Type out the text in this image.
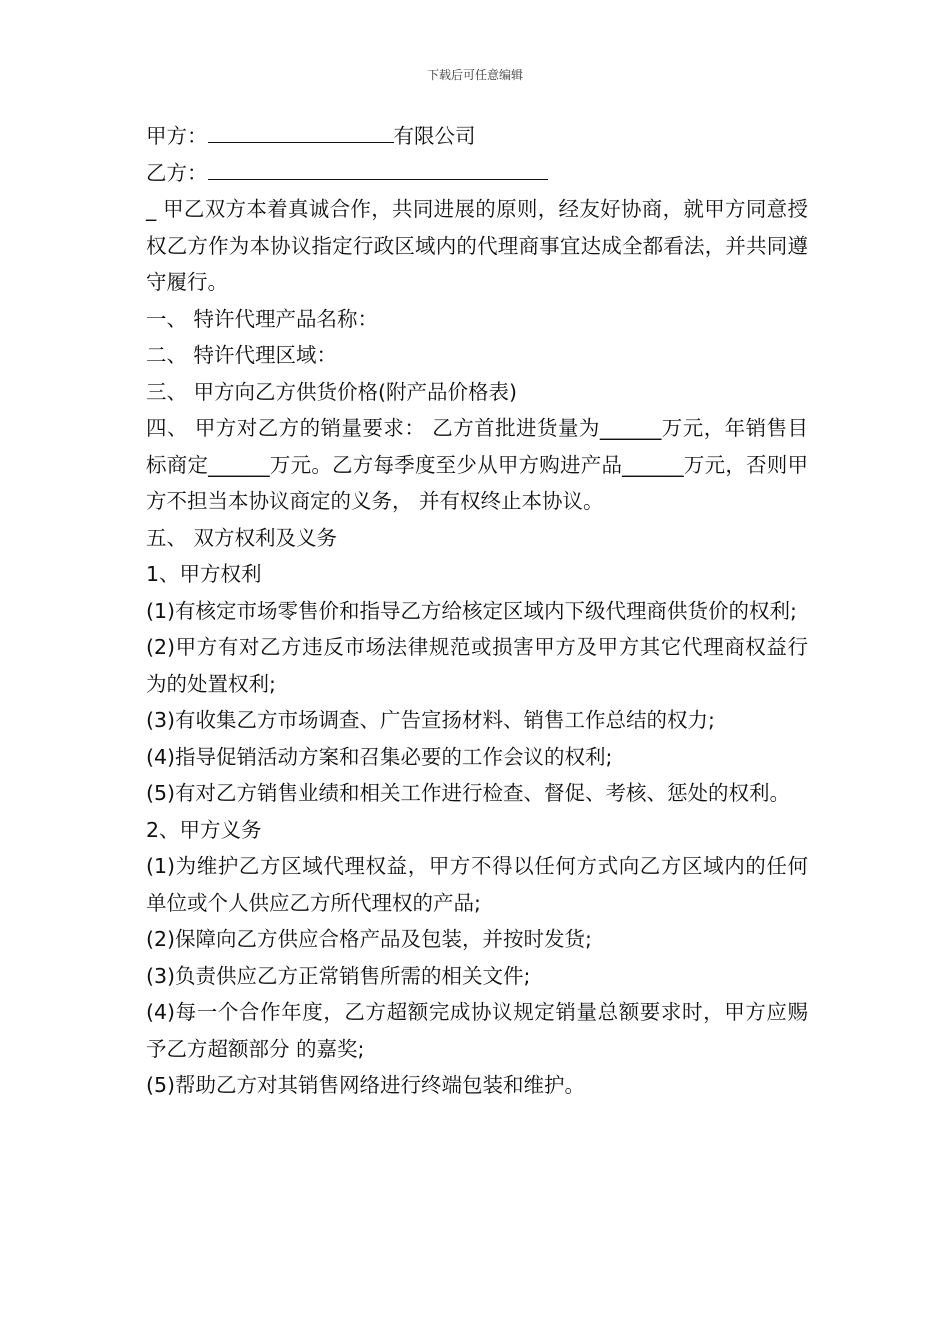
下载后可任意编辑
甲方：	有限公司
乙方：
_ 甲乙双方本着真诚合作，共同进展的原则，经友好协商，就甲方同意授权乙方作为本协议指定行政区域内的代理商事宜达成全都看法，并共同遵守履行。
一、 特许代理产品名称：
二、 特许代理区域：
三、 甲方向乙方供货价格(附产品价格表)
四、 甲方对乙方的销量要求： 乙方首批进货量为______万元，年销售目标商定______万元。乙方每季度至少从甲方购进产品______万元，否则甲方不担当本协议商定的义务， 并有权终止本协议。
五、 双方权利及义务
1、甲方权利
(1)有核定市场零售价和指导乙方给核定区域内下级代理商供货价的权利;
(2)甲方有对乙方违反市场法律规范或损害甲方及甲方其它代理商权益行为的处置权利;
(3)有收集乙方市场调查、广告宣扬材料、销售工作总结的权力;
(4)指导促销活动方案和召集必要的工作会议的权利;
(5)有对乙方销售业绩和相关工作进行检查、督促、考核、惩处的权利。
2、甲方义务
(1)为维护乙方区域代理权益，甲方不得以任何方式向乙方区域内的任何单位或个人供应乙方所代理权的产品;
(2)保障向乙方供应合格产品及包装，并按时发货;
(3)负责供应乙方正常销售所需的相关文件;
(4)每一个合作年度，乙方超额完成协议规定销量总额要求时，甲方应赐予乙方超额部分 的嘉奖;
(5)帮助乙方对其销售网络进行终端包装和维护。
